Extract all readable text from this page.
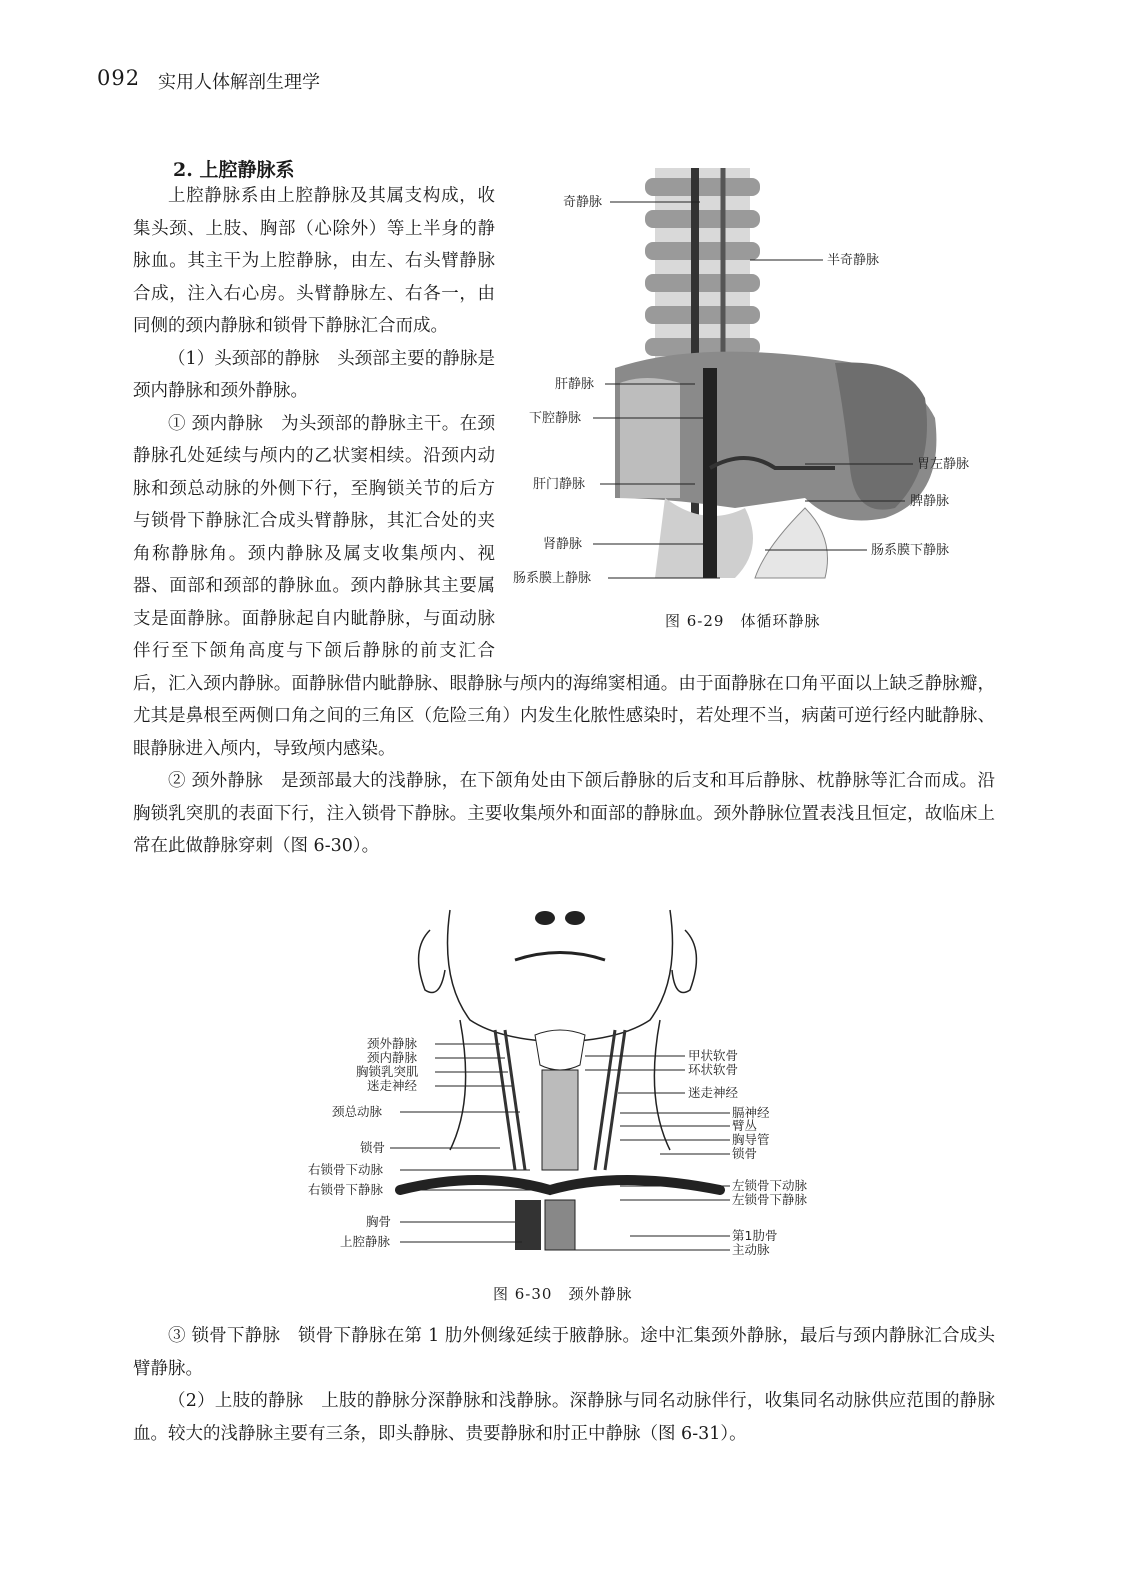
092 实用人体解剖生理学
2. 上腔静脉系

上腔静脉系由上腔静脉及其属支构成，收集头颈、上肢、胸部（心除外）等上半身的静脉血。其主干为上腔静脉，由左、右头臂静脉合成，注入右心房。头臂静脉左、右各一，由同侧的颈内静脉和锁骨下静脉汇合而成。

（1）头颈部的静脉　头颈部主要的静脉是颈内静脉和颈外静脉。

① 颈内静脉　为头颈部的静脉主干。在颈静脉孔处延续与颅内的乙状窦相续。沿颈内动脉和颈总动脉的外侧下行，至胸锁关节的后方与锁骨下静脉汇合成头臂静脉，其汇合处的夹角称静脉角。颈内静脉及属支收集颅内、视器、面部和颈部的静脉血。颈内静脉其主要属支是面静脉。面静脉起自内眦静脉，与面动脉伴行至下颌角高度与下颌后静脉的前支汇合后，汇入颈内静脉。面静脉借内眦静脉、眼静脉与颅内的海绵窦相通。由于面静脉在口角平面以上缺乏静脉瓣，尤其是鼻根至两侧口角之间的三角区（危险三角）内发生化脓性感染时，若处理不当，病菌可逆行经内眦静脉、眼静脉进入颅内，导致颅内感染。

② 颈外静脉　是颈部最大的浅静脉，在下颌角处由下颌后静脉的后支和耳后静脉、枕静脉等汇合而成。沿胸锁乳突肌的表面下行，注入锁骨下静脉。主要收集颅外和面部的静脉血。颈外静脉位置表浅且恒定，故临床上常在此做静脉穿刺（图 6-30）。

奇静脉
半奇静脉
肝静脉
下腔静脉
肝门静脉
胃左静脉
脾静脉
肾静脉	肠系膜下静脉
肠系膜上静脉
图 6-29　体循环静脉
颈外静脉
颈内静脉
胸锁乳突肌
迷走神经
颈总动脉
锁骨
右锁骨下动脉
右锁骨下静脉
胸骨
上腔静脉
甲状软骨
环状软骨
迷走神经
膈神经
臂丛
胸导管
锁骨
左锁骨下动脉
左锁骨下静脉
第1肋骨
主动脉
图 6-30　颈外静脉

③ 锁骨下静脉　锁骨下静脉在第 1 肋外侧缘延续于腋静脉。途中汇集颈外静脉，最后与颈内静脉汇合成头臂静脉。

（2）上肢的静脉　上肢的静脉分深静脉和浅静脉。深静脉与同名动脉伴行，收集同名动脉供应范围的静脉血。较大的浅静脉主要有三条，即头静脉、贵要静脉和肘正中静脉（图 6-31）。
